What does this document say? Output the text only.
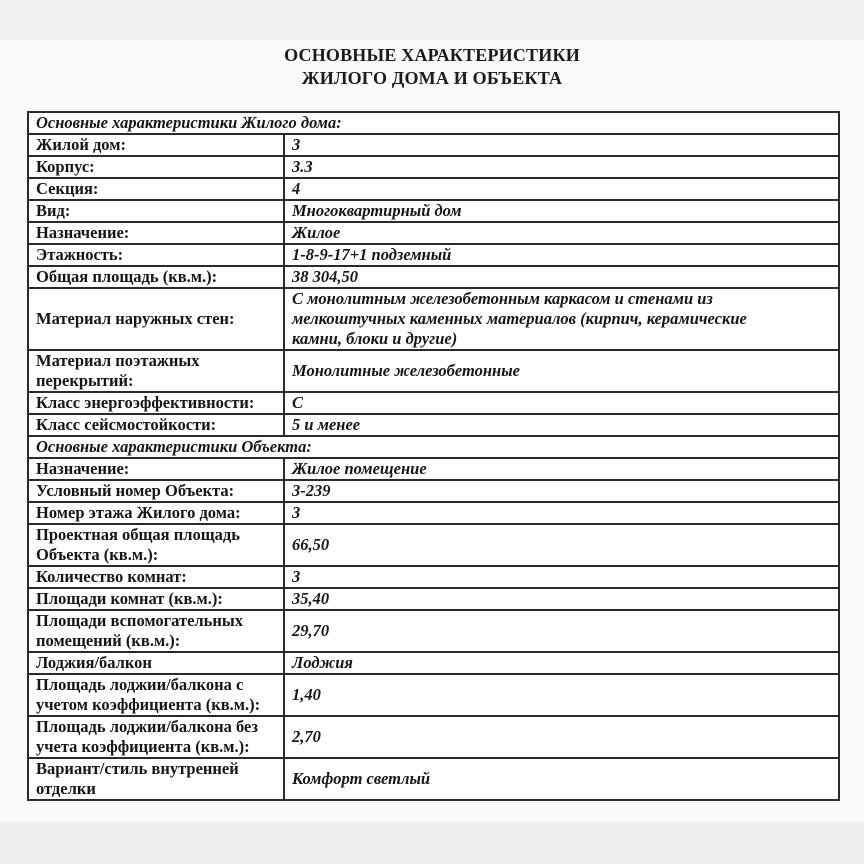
ОСНОВНЫЕ ХАРАКТЕРИСТИКИ
ЖИЛОГО ДОМА И ОБЪЕКТА
Основные характеристики Жилого дома:	
Жилой дом:	3
Корпус:	3.3
Секция:	4
Вид:	Многоквартирный дом
Назначение:	Жилое
Этажность:	1-8-9-17+1 подземный
Общая площадь (кв.м.):	38 304,50
Материал наружных стен:	С монолитным железобетонным каркасом и стенами из мелкоштучных каменных материалов (кирпич, керамические камни, блоки и другие)

Материал поэтажных перекрытий:	Монолитные железобетонные
Класс энергоэффективности:	С
Класс сейсмостойкости:	5 и менее
Основные характеристики Объекта:	
Назначение:	Жилое помещение
Условный номер Объекта:	3-239
Номер этажа Жилого дома:	3
Проектная общая площадь Объекта (кв.м.):	66,50
Количество комнат:	3
Площади комнат (кв.м.):	35,40
Площади вспомогательных помещений (кв.м.):	29,70
Лоджия/балкон	Лоджия
Площадь лоджии/балкона с учетом коэффициента (кв.м.):	1,40
Площадь лоджии/балкона без учета коэффициента (кв.м.):	2,70
Вариант/стиль внутренней отделки	Комфорт светлый
